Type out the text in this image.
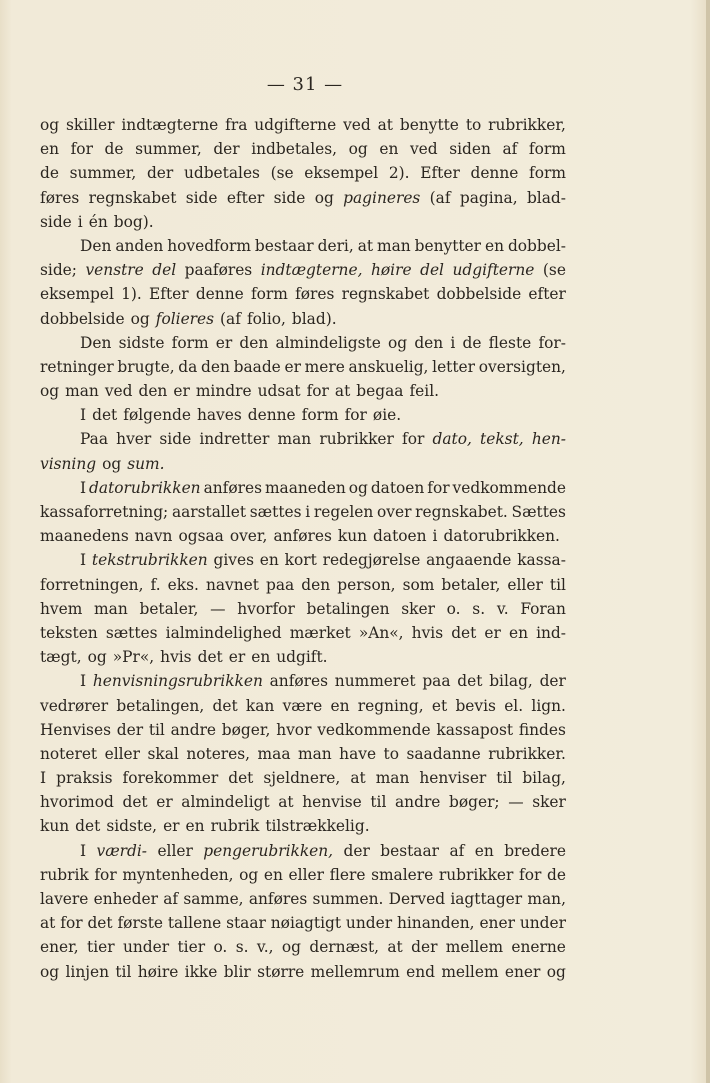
— 31 —
og skiller indtægterne fra udgifterne ved at benytte to rubrikker,
en for de summer, der indbetales, og en ved siden af form
de summer, der udbetales (se eksempel 2). Efter denne form
føres regnskabet side efter side og pagineres (af pagina, blad-
side i én bog).
Den anden hovedform bestaar deri, at man benytter en dobbel-
side; venstre del paaføres indtægterne, høire del udgifterne (se
eksempel 1). Efter denne form føres regnskabet dobbelside efter
dobbelside og folieres (af folio, blad).
Den sidste form er den almindeligste og den i de fleste for-
retninger brugte, da den baade er mere anskuelig, letter oversigten,
og man ved den er mindre udsat for at begaa feil.
I det følgende haves denne form for øie.
Paa hver side indretter man rubrikker for dato, tekst, hen-
visning og sum.
I datorubrikken anføres maaneden og datoen for vedkommende
kassaforretning; aarstallet sættes i regelen over regnskabet. Sættes
maanedens navn ogsaa over, anføres kun datoen i datorubrikken.
I tekstrubrikken gives en kort redegjørelse angaaende kassa-
forretningen, f. eks. navnet paa den person, som betaler, eller til
hvem man betaler, — hvorfor betalingen sker o. s. v. Foran
teksten sættes ialmindelighed mærket »An«, hvis det er en ind-
tægt, og »Pr«, hvis det er en udgift.
I henvisningsrubrikken anføres nummeret paa det bilag, der
vedrører betalingen, det kan være en regning, et bevis el. lign.
Henvises der til andre bøger, hvor vedkommende kassapost findes
noteret eller skal noteres, maa man have to saadanne rubrikker.
I praksis forekommer det sjeldnere, at man henviser til bilag,
hvorimod det er almindeligt at henvise til andre bøger; — sker
kun det sidste, er en rubrik tilstrækkelig.
I værdi- eller pengerubrikken, der bestaar af en bredere
rubrik for myntenheden, og en eller flere smalere rubrikker for de
lavere enheder af samme, anføres summen. Derved iagttager man,
at for det første tallene staar nøiagtigt under hinanden, ener under
ener, tier under tier o. s. v., og dernæst, at der mellem enerne
og linjen til høire ikke blir større mellemrum end mellem ener og
